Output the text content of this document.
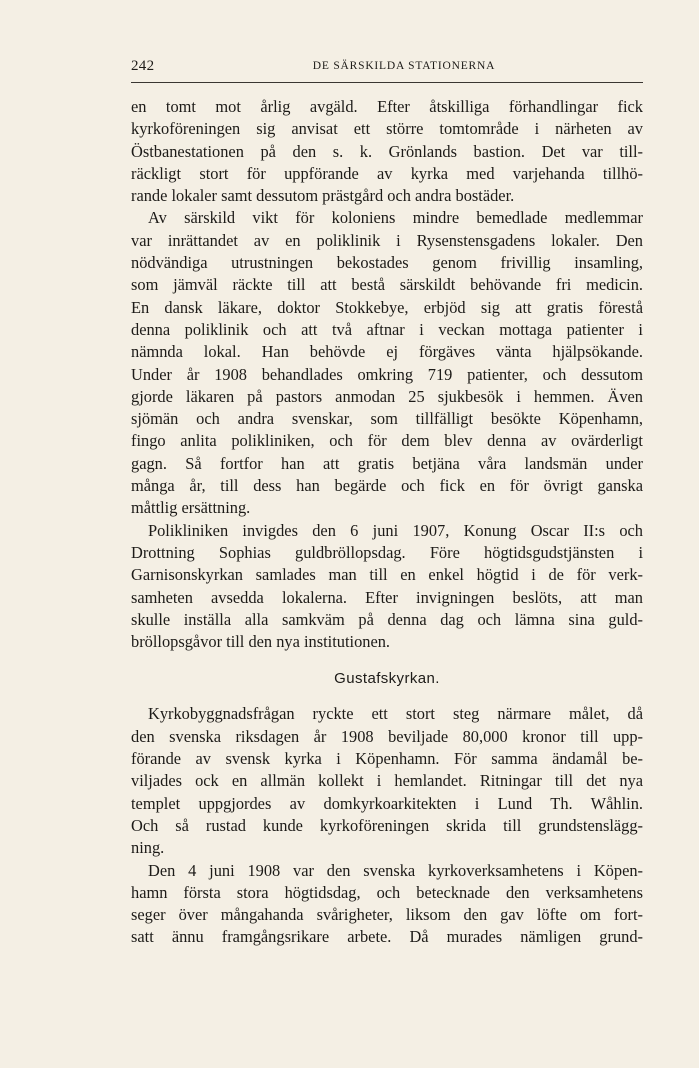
242	DE SÄRSKILDA STATIONERNA
en tomt mot årlig avgäld. Efter åtskilliga förhandlingar fick
kyrkoföreningen sig anvisat ett större tomtområde i närheten av
Östbanestationen på den s. k. Grönlands bastion. Det var till-
räckligt stort för uppförande av kyrka med varjehanda tillhö-
rande lokaler samt dessutom prästgård och andra bostäder.
Av särskild vikt för koloniens mindre bemedlade medlemmar
var inrättandet av en poliklinik i Rysenstensgadens lokaler. Den
nödvändiga utrustningen bekostades genom frivillig insamling,
som jämväl räckte till att bestå särskildt behövande fri medicin.
En dansk läkare, doktor Stokkebye, erbjöd sig att gratis förestå
denna poliklinik och att två aftnar i veckan mottaga patienter i
nämnda lokal. Han behövde ej förgäves vänta hjälpsökande.
Under år 1908 behandlades omkring 719 patienter, och dessutom
gjorde läkaren på pastors anmodan 25 sjukbesök i hemmen. Även
sjömän och andra svenskar, som tillfälligt besökte Köpenhamn,
fingo anlita polikliniken, och för dem blev denna av ovärderligt
gagn. Så fortfor han att gratis betjäna våra landsmän under
många år, till dess han begärde och fick en för övrigt ganska
måttlig ersättning.
Polikliniken invigdes den 6 juni 1907, Konung Oscar II:s och
Drottning Sophias guldbröllopsdag. Före högtidsgudstjänsten i
Garnisonskyrkan samlades man till en enkel högtid i de för verk-
samheten avsedda lokalerna. Efter invigningen beslöts, att man
skulle inställa alla samkväm på denna dag och lämna sina guld-
bröllopsgåvor till den nya institutionen.
Gustafskyrkan.
Kyrkobyggnadsfrågan ryckte ett stort steg närmare målet, då
den svenska riksdagen år 1908 beviljade 80,000 kronor till upp-
förande av svensk kyrka i Köpenhamn. För samma ändamål be-
viljades ock en allmän kollekt i hemlandet. Ritningar till det nya
templet uppgjordes av domkyrkoarkitekten i Lund Th. Wåhlin.
Och så rustad kunde kyrkoföreningen skrida till grundstenslägg-
ning.
Den 4 juni 1908 var den svenska kyrkoverksamhetens i Köpen-
hamn första stora högtidsdag, och betecknade den verksamhetens
seger över mångahanda svårigheter, liksom den gav löfte om fort-
satt ännu framgångsrikare arbete. Då murades nämligen grund-
